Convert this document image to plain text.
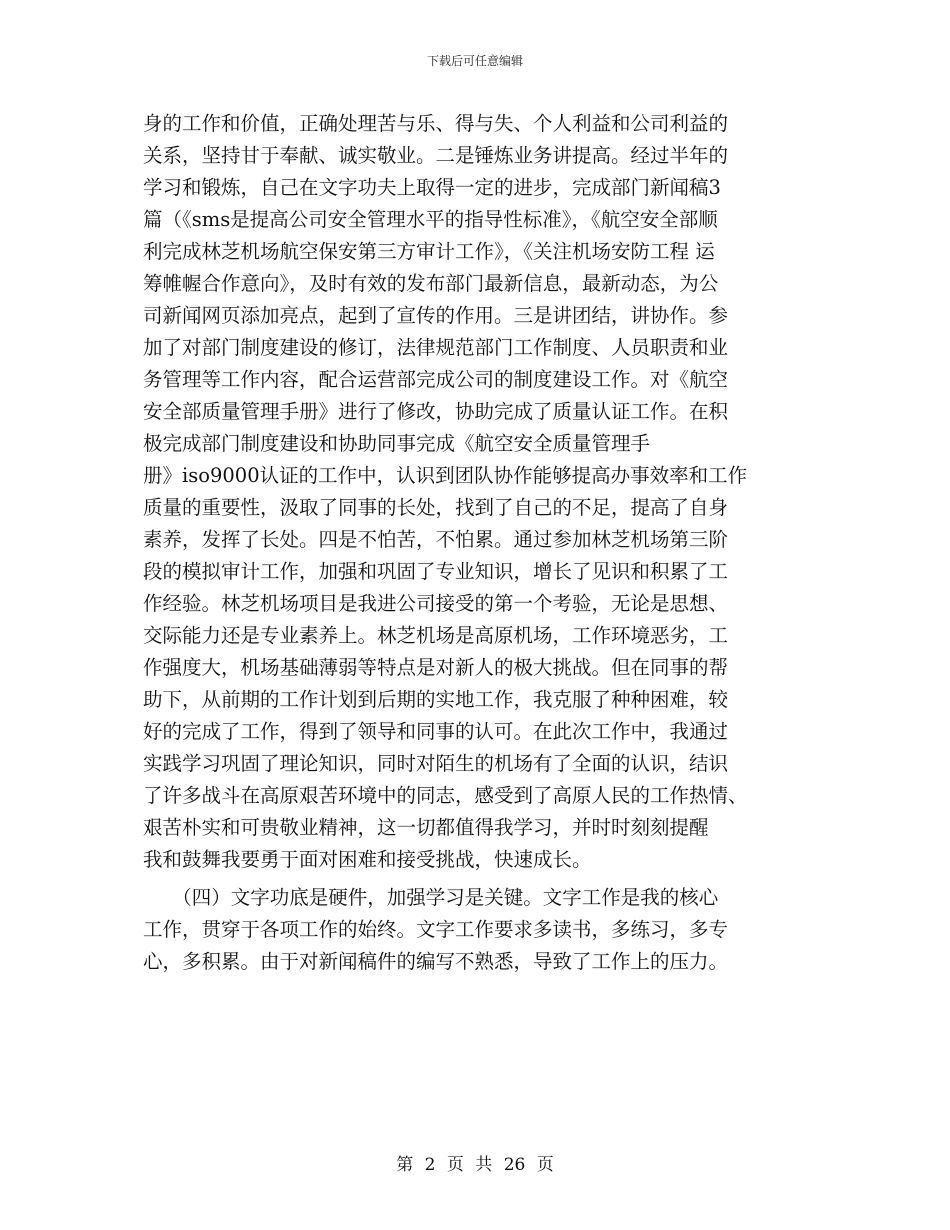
下载后可任意编辑
身的工作和价值，正确处理苦与乐、得与失、个人利益和公司利益的
关系，坚持甘于奉献、诚实敬业。二是锤炼业务讲提高。经过半年的
学习和锻炼，自己在文字功夫上取得一定的进步，完成部门新闻稿3
篇（《sms是提高公司安全管理水平的指导性标准》，《航空安全部顺
利完成林芝机场航空保安第三方审计工作》，《关注机场安防工程 运
筹帷幄合作意向》，及时有效的发布部门最新信息，最新动态，为公
司新闻网页添加亮点，起到了宣传的作用。三是讲团结，讲协作。参
加了对部门制度建设的修订，法律规范部门工作制度、人员职责和业
务管理等工作内容，配合运营部完成公司的制度建设工作。对《航空
安全部质量管理手册》进行了修改，协助完成了质量认证工作。在积
极完成部门制度建设和协助同事完成《航空安全质量管理手
册》iso9000认证的工作中，认识到团队协作能够提高办事效率和工作
质量的重要性，汲取了同事的长处，找到了自己的不足，提高了自身
素养，发挥了长处。四是不怕苦，不怕累。通过参加林芝机场第三阶
段的模拟审计工作，加强和巩固了专业知识，增长了见识和积累了工
作经验。林芝机场项目是我进公司接受的第一个考验，无论是思想、
交际能力还是专业素养上。林芝机场是高原机场，工作环境恶劣，工
作强度大，机场基础薄弱等特点是对新人的极大挑战。但在同事的帮
助下，从前期的工作计划到后期的实地工作，我克服了种种困难，较
好的完成了工作，得到了领导和同事的认可。在此次工作中，我通过
实践学习巩固了理论知识，同时对陌生的机场有了全面的认识，结识
了许多战斗在高原艰苦环境中的同志，感受到了高原人民的工作热情、
艰苦朴实和可贵敬业精神，这一切都值得我学习，并时时刻刻提醒
我和鼓舞我要勇于面对困难和接受挑战，快速成长。
　　（四）文字功底是硬件，加强学习是关键。文字工作是我的核心
工作，贯穿于各项工作的始终。文字工作要求多读书，多练习，多专
心，多积累。由于对新闻稿件的编写不熟悉，导致了工作上的压力。
第 2 页 共 26 页
